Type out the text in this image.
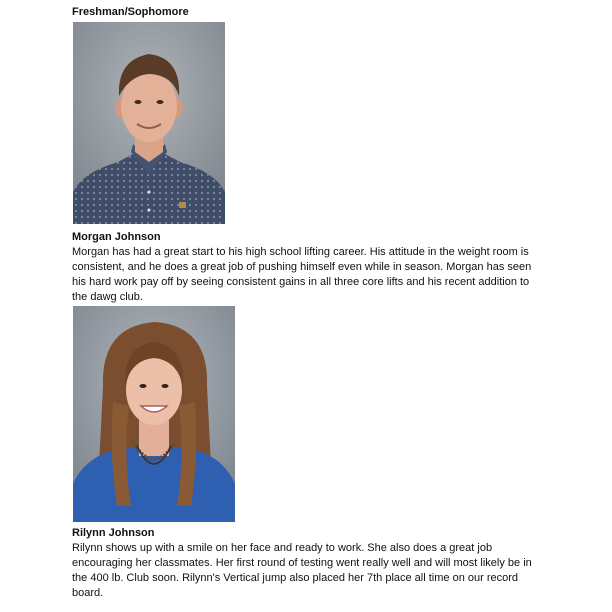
Freshman/Sophomore
Morgan Johnson
Morgan has had a great start to his high school lifting career. His attitude in the weight room is consistent, and he does a great job of pushing himself even while in season. Morgan has seen his hard work pay off by seeing consistent gains in all three core lifts and his recent addition to the dawg club.
Rilynn Johnson
Rilynn shows up with a smile on her face and ready to work. She also does a great job encouraging her classmates. Her first round of testing went really well and will most likely be in the 400 lb. Club soon. Rilynn's Vertical jump also placed her 7th place all time on our record board.
